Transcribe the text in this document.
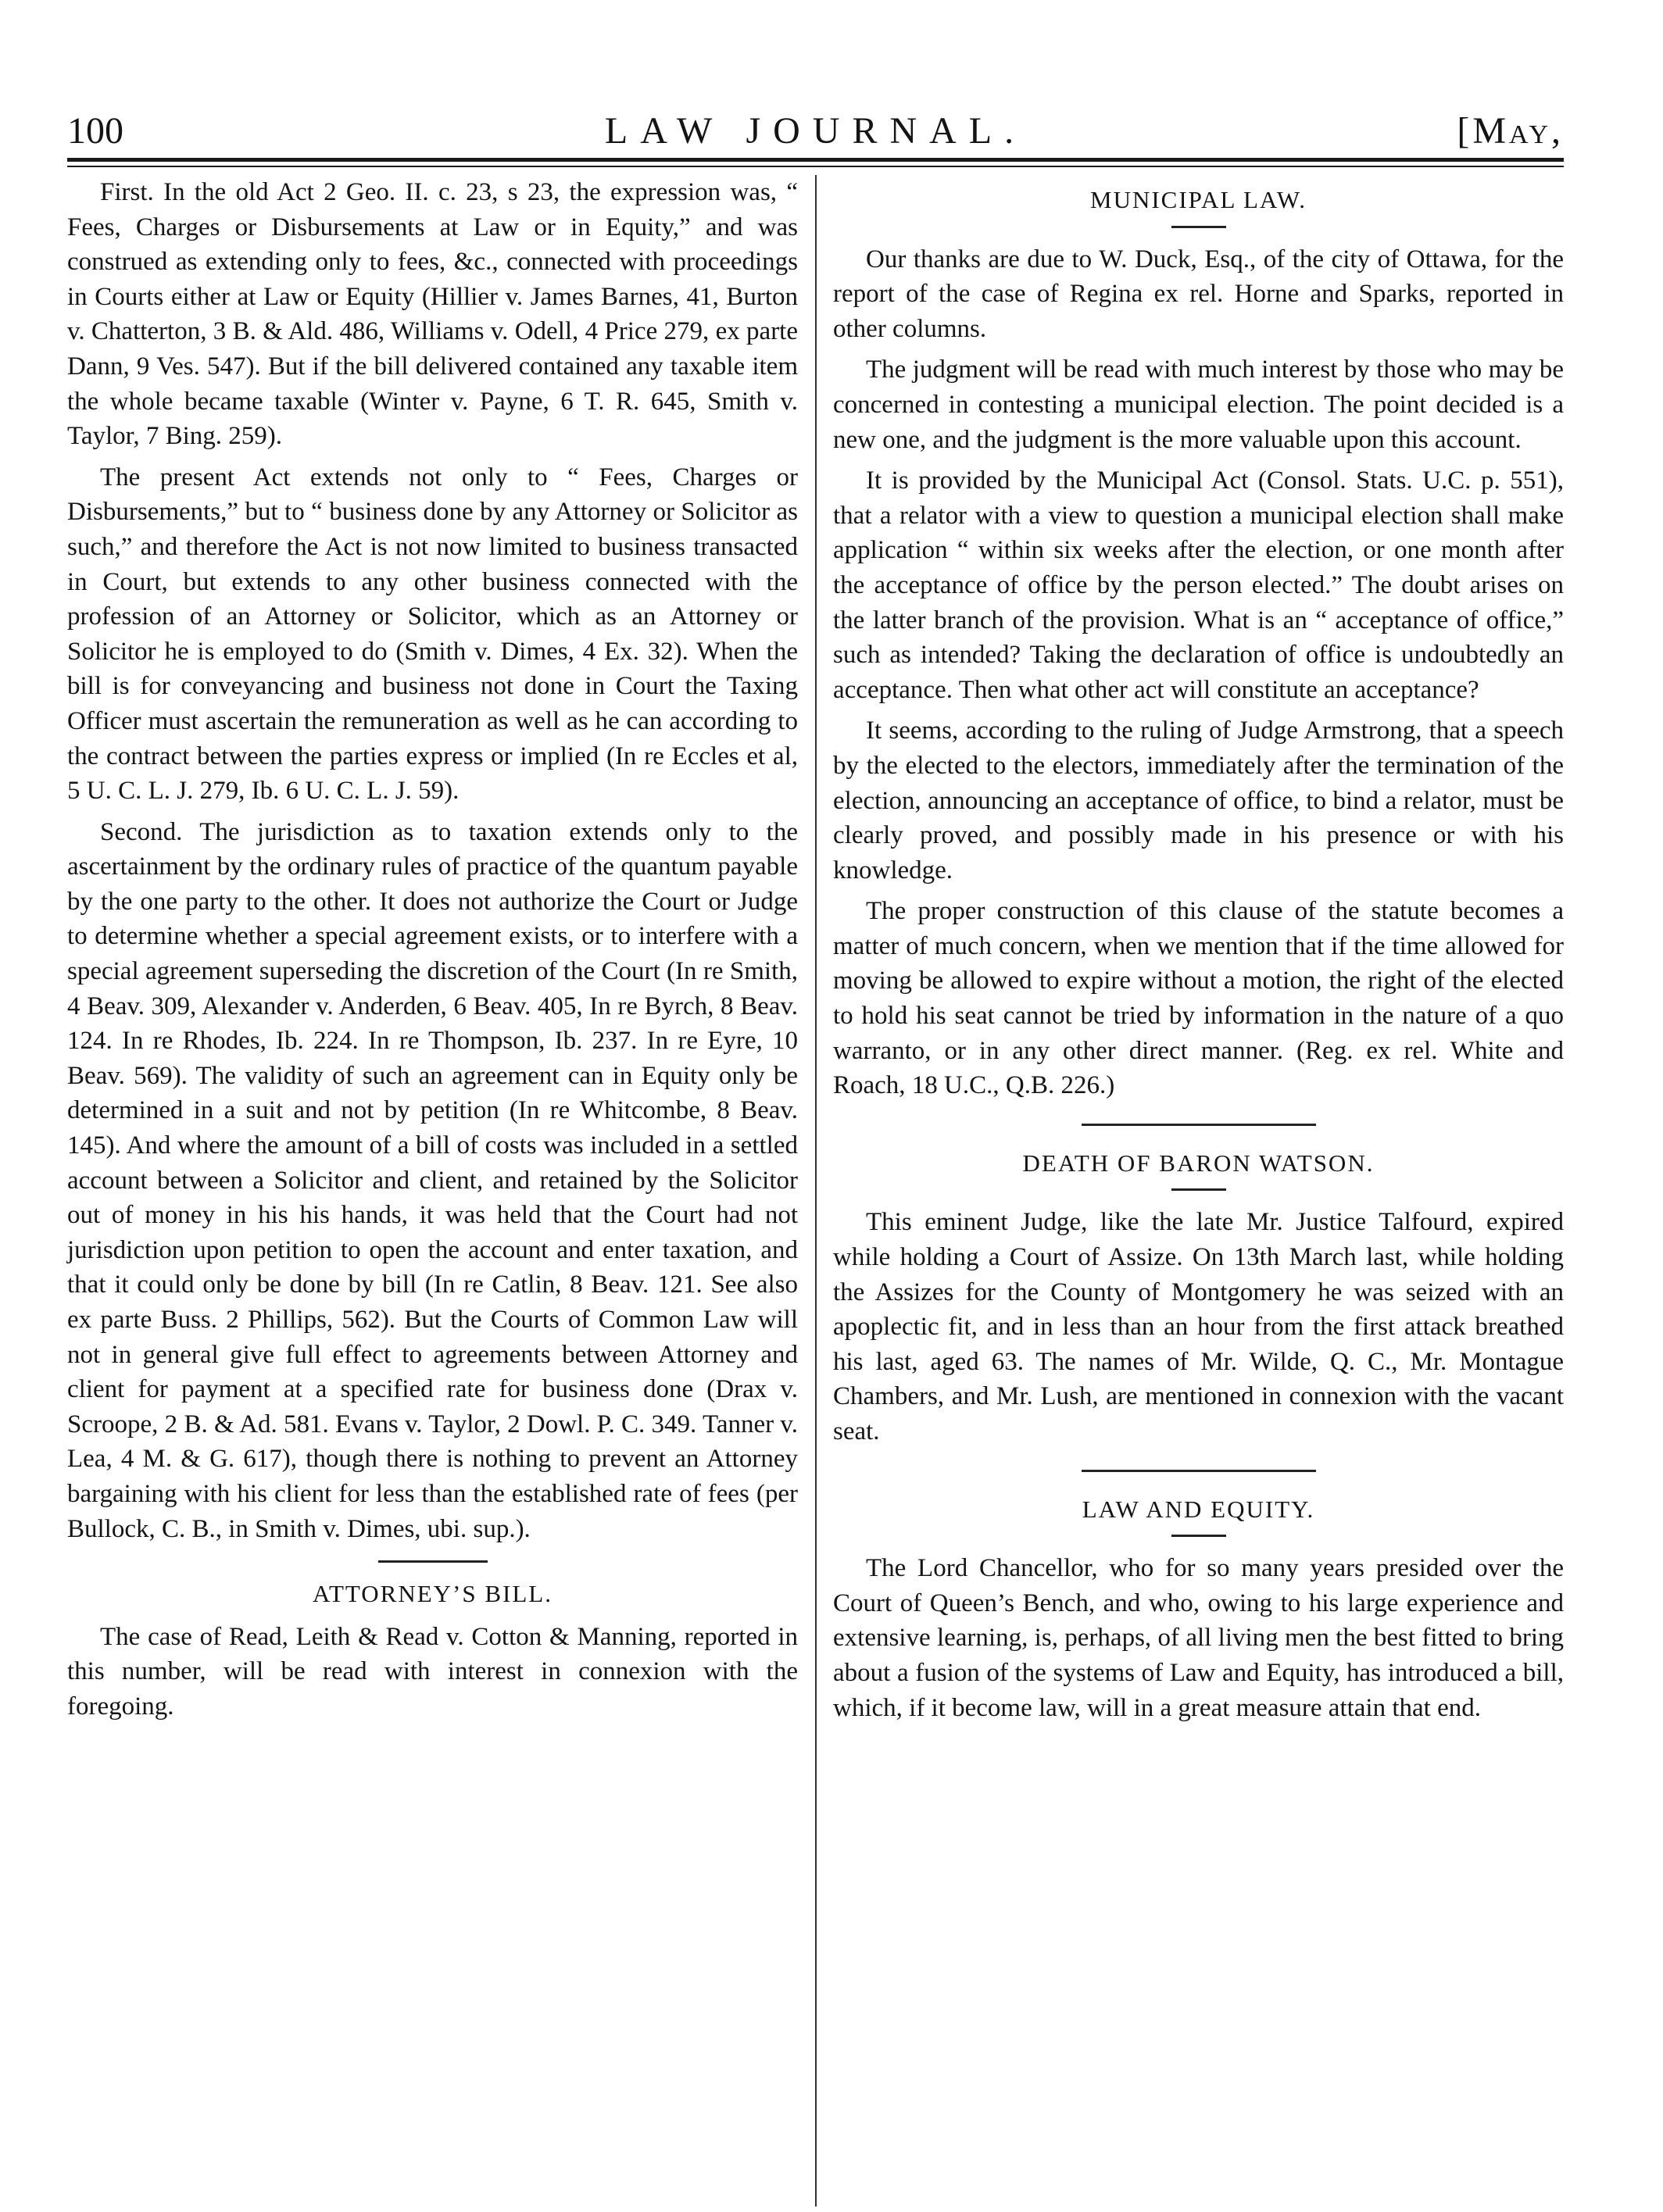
LAW JOURNAL.
100	[May,

First. In the old Act 2 Geo. II. c. 23, s 23, the expression was, “ Fees, Charges or Disbursements at Law or in Equity,” and was construed as extending only to fees, &c., connected with proceedings in Courts either at Law or Equity (Hillier v. James Barnes, 41, Burton v. Chatterton, 3 B. & Ald. 486, Williams v. Odell, 4 Price 279, ex parte Dann, 9 Ves. 547). But if the bill delivered contained any taxable item the whole became taxable (Winter v. Payne, 6 T. R. 645, Smith v. Taylor, 7 Bing. 259).

The present Act extends not only to “ Fees, Charges or Disbursements,” but to “ business done by any Attorney or Solicitor as such,” and therefore the Act is not now limited to business transacted in Court, but extends to any other business connected with the profession of an Attorney or Solicitor, which as an Attorney or Solicitor he is employed to do (Smith v. Dimes, 4 Ex. 32). When the bill is for conveyancing and business not done in Court the Taxing Officer must ascertain the remuneration as well as he can according to the contract between the parties express or implied (In re Eccles et al, 5 U. C. L. J. 279, Ib. 6 U. C. L. J. 59).

Second. The jurisdiction as to taxation extends only to the ascertainment by the ordinary rules of practice of the quantum payable by the one party to the other. It does not authorize the Court or Judge to determine whether a special agreement exists, or to interfere with a special agreement superseding the discretion of the Court (In re Smith, 4 Beav. 309, Alexander v. Anderden, 6 Beav. 405, In re Byrch, 8 Beav. 124. In re Rhodes, Ib. 224. In re Thompson, Ib. 237. In re Eyre, 10 Beav. 569). The validity of such an agreement can in Equity only be determined in a suit and not by petition (In re Whitcombe, 8 Beav. 145). And where the amount of a bill of costs was included in a settled account between a Solicitor and client, and retained by the Solicitor out of money in his his hands, it was held that the Court had not jurisdiction upon petition to open the account and enter taxation, and that it could only be done by bill (In re Catlin, 8 Beav. 121. See also ex parte Buss. 2 Phillips, 562). But the Courts of Common Law will not in general give full effect to agreements between Attorney and client for payment at a specified rate for business done (Drax v. Scroope, 2 B. & Ad. 581. Evans v. Taylor, 2 Dowl. P. C. 349. Tanner v. Lea, 4 M. & G. 617), though there is nothing to prevent an Attorney bargaining with his client for less than the established rate of fees (per Bullock, C. B., in Smith v. Dimes, ubi. sup.).

ATTORNEY’S BILL.

The case of Read, Leith & Read v. Cotton & Manning, reported in this number, will be read with interest in connexion with the foregoing.

MUNICIPAL LAW.

Our thanks are due to W. Duck, Esq., of the city of Ottawa, for the report of the case of Regina ex rel. Horne and Sparks, reported in other columns.

The judgment will be read with much interest by those who may be concerned in contesting a municipal election. The point decided is a new one, and the judgment is the more valuable upon this account.

It is provided by the Municipal Act (Consol. Stats. U.C. p. 551), that a relator with a view to question a municipal election shall make application “ within six weeks after the election, or one month after the acceptance of office by the person elected.” The doubt arises on the latter branch of the provision. What is an “ acceptance of office,” such as intended? Taking the declaration of office is undoubtedly an acceptance. Then what other act will constitute an acceptance?

It seems, according to the ruling of Judge Armstrong, that a speech by the elected to the electors, immediately after the termination of the election, announcing an acceptance of office, to bind a relator, must be clearly proved, and possibly made in his presence or with his knowledge.

The proper construction of this clause of the statute becomes a matter of much concern, when we mention that if the time allowed for moving be allowed to expire without a motion, the right of the elected to hold his seat cannot be tried by information in the nature of a quo warranto, or in any other direct manner. (Reg. ex rel. White and Roach, 18 U.C., Q.B. 226.)

DEATH OF BARON WATSON.

This eminent Judge, like the late Mr. Justice Talfourd, expired while holding a Court of Assize. On 13th March last, while holding the Assizes for the County of Montgomery he was seized with an apoplectic fit, and in less than an hour from the first attack breathed his last, aged 63. The names of Mr. Wilde, Q. C., Mr. Montague Chambers, and Mr. Lush, are mentioned in connexion with the vacant seat.

LAW AND EQUITY.

The Lord Chancellor, who for so many years presided over the Court of Queen’s Bench, and who, owing to his large experience and extensive learning, is, perhaps, of all living men the best fitted to bring about a fusion of the systems of Law and Equity, has introduced a bill, which, if it become law, will in a great measure attain that end.
